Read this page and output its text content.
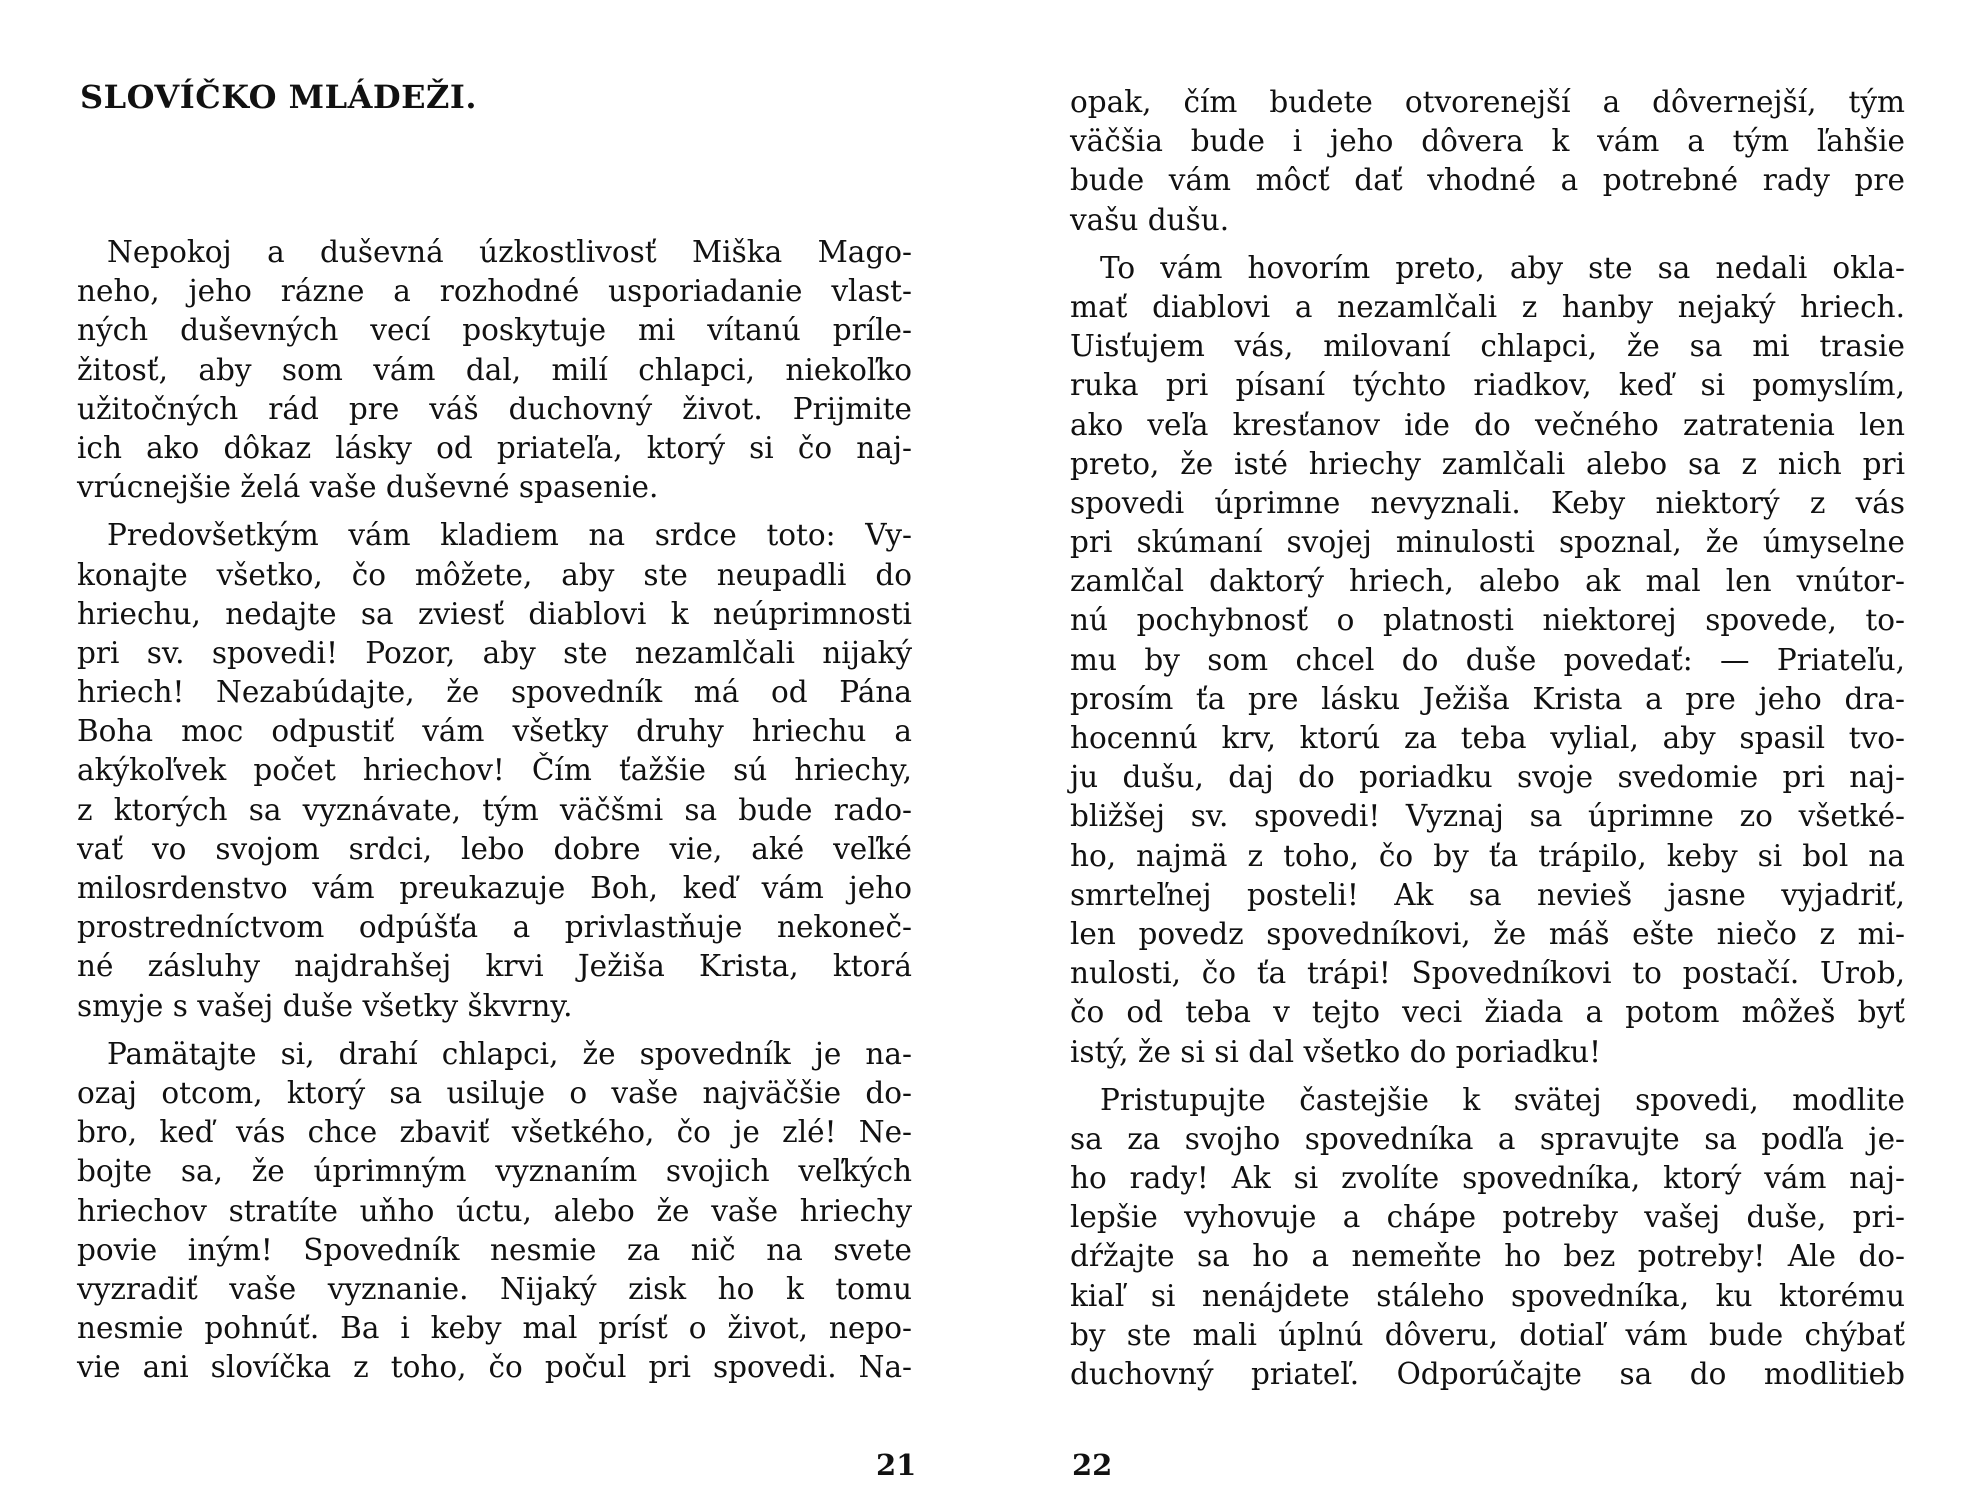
SLOVÍČKO MLÁDEŽI.
Nepokoj a duševná úzkostlivosť Miška Mago-
neho, jeho rázne a rozhodné usporiadanie vlast-
ných duševných vecí poskytuje mi vítanú príle-
žitosť, aby som vám dal, milí chlapci, niekoľko
užitočných rád pre váš duchovný život. Prijmite
ich ako dôkaz lásky od priateľa, ktorý si čo naj-
vrúcnejšie želá vaše duševné spasenie.
Predovšetkým vám kladiem na srdce toto: Vy-
konajte všetko, čo môžete, aby ste neupadli do
hriechu, nedajte sa zviesť diablovi k neúprimnosti
pri sv. spovedi! Pozor, aby ste nezamlčali nijaký
hriech! Nezabúdajte, že spovedník má od Pána
Boha moc odpustiť vám všetky druhy hriechu a
akýkoľvek počet hriechov! Čím ťažšie sú hriechy,
z ktorých sa vyznávate, tým väčšmi sa bude rado-
vať vo svojom srdci, lebo dobre vie, aké veľké
milosrdenstvo vám preukazuje Boh, keď vám jeho
prostredníctvom odpúšťa a privlastňuje nekoneč-
né zásluhy najdrahšej krvi Ježiša Krista, ktorá
smyje s vašej duše všetky škvrny.
Pamätajte si, drahí chlapci, že spovedník je na-
ozaj otcom, ktorý sa usiluje o vaše najväčšie do-
bro, keď vás chce zbaviť všetkého, čo je zlé! Ne-
bojte sa, že úprimným vyznaním svojich veľkých
hriechov stratíte uňho úctu, alebo že vaše hriechy
povie iným! Spovedník nesmie za nič na svete
vyzradiť vaše vyznanie. Nijaký zisk ho k tomu
nesmie pohnúť. Ba i keby mal prísť o život, nepo-
vie ani slovíčka z toho, čo počul pri spovedi. Na-

21

opak, čím budete otvorenejší a dôvernejší, tým
väčšia bude i jeho dôvera k vám a tým ľahšie
bude vám môcť dať vhodné a potrebné rady pre
vašu dušu.
To vám hovorím preto, aby ste sa nedali okla-
mať diablovi a nezamlčali z hanby nejaký hriech.
Uisťujem vás, milovaní chlapci, že sa mi trasie
ruka pri písaní týchto riadkov, keď si pomyslím,
ako veľa kresťanov ide do večného zatratenia len
preto, že isté hriechy zamlčali alebo sa z nich pri
spovedi úprimne nevyznali. Keby niektorý z vás
pri skúmaní svojej minulosti spoznal, že úmyselne
zamlčal daktorý hriech, alebo ak mal len vnútor-
nú pochybnosť o platnosti niektorej spovede, to-
mu by som chcel do duše povedať: — Priateľu,
prosím ťa pre lásku Ježiša Krista a pre jeho dra-
hocennú krv, ktorú za teba vylial, aby spasil tvo-
ju dušu, daj do poriadku svoje svedomie pri naj-
bližšej sv. spovedi! Vyznaj sa úprimne zo všetké-
ho, najmä z toho, čo by ťa trápilo, keby si bol na
smrteľnej posteli! Ak sa nevieš jasne vyjadriť,
len povedz spovedníkovi, že máš ešte niečo z mi-
nulosti, čo ťa trápi! Spovedníkovi to postačí. Urob,
čo od teba v tejto veci žiada a potom môžeš byť
istý, že si si dal všetko do poriadku!
Pristupujte častejšie k svätej spovedi, modlite
sa za svojho spovedníka a spravujte sa podľa je-
ho rady! Ak si zvolíte spovedníka, ktorý vám naj-
lepšie vyhovuje a chápe potreby vašej duše, pri-
dŕžajte sa ho a nemeňte ho bez potreby! Ale do-
kiaľ si nenájdete stáleho spovedníka, ku ktorému
by ste mali úplnú dôveru, dotiaľ vám bude chýbať
duchovný priateľ. Odporúčajte sa do modlitieb

22
